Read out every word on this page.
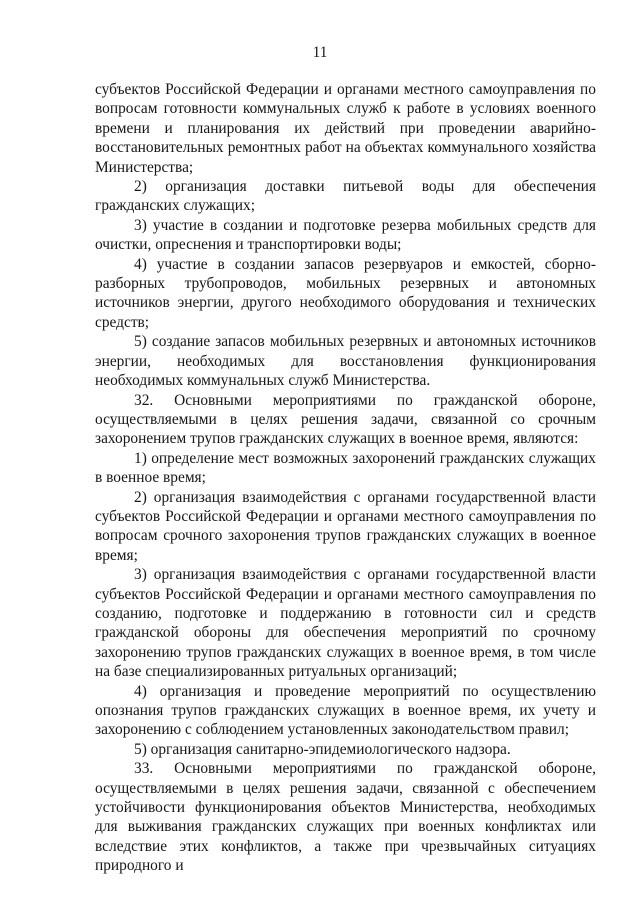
11

субъектов Российской Федерации и органами местного самоуправления по вопросам готовности коммунальных служб к работе в условиях военного времени и планирования их действий при проведении аварийно-восстановительных ремонтных работ на объектах коммунального хозяйства Министерства;

2) организация доставки питьевой воды для обеспечения гражданских служащих;

3) участие в создании и подготовке резерва мобильных средств для очистки, опреснения и транспортировки воды;

4) участие в создании запасов резервуаров и емкостей, сборно-разборных трубопроводов, мобильных резервных и автономных источников энергии, другого необходимого оборудования и технических средств;

5) создание запасов мобильных резервных и автономных источников энергии, необходимых для восстановления функционирования необходимых коммунальных служб Министерства.

32. Основными мероприятиями по гражданской обороне, осуществляемыми в целях решения задачи, связанной со срочным захоронением трупов гражданских служащих в военное время, являются:

1) определение мест возможных захоронений гражданских служащих в военное время;

2) организация взаимодействия с органами государственной власти субъектов Российской Федерации и органами местного самоуправления по вопросам срочного захоронения трупов гражданских служащих в военное время;

3) организация взаимодействия с органами государственной власти субъектов Российской Федерации и органами местного самоуправления по созданию, подготовке и поддержанию в готовности сил и средств гражданской обороны для обеспечения мероприятий по срочному захоронению трупов гражданских служащих в военное время, в том числе на базе специализированных ритуальных организаций;

4) организация и проведение мероприятий по осуществлению опознания трупов гражданских служащих в военное время, их учету и захоронению с соблюдением установленных законодательством правил;

5) организация санитарно-эпидемиологического надзора.

33. Основными мероприятиями по гражданской обороне, осуществляемыми в целях решения задачи, связанной с обеспечением устойчивости функционирования объектов Министерства, необходимых для выживания гражданских служащих при военных конфликтах или вследствие этих конфликтов, а также при чрезвычайных ситуациях природного и
